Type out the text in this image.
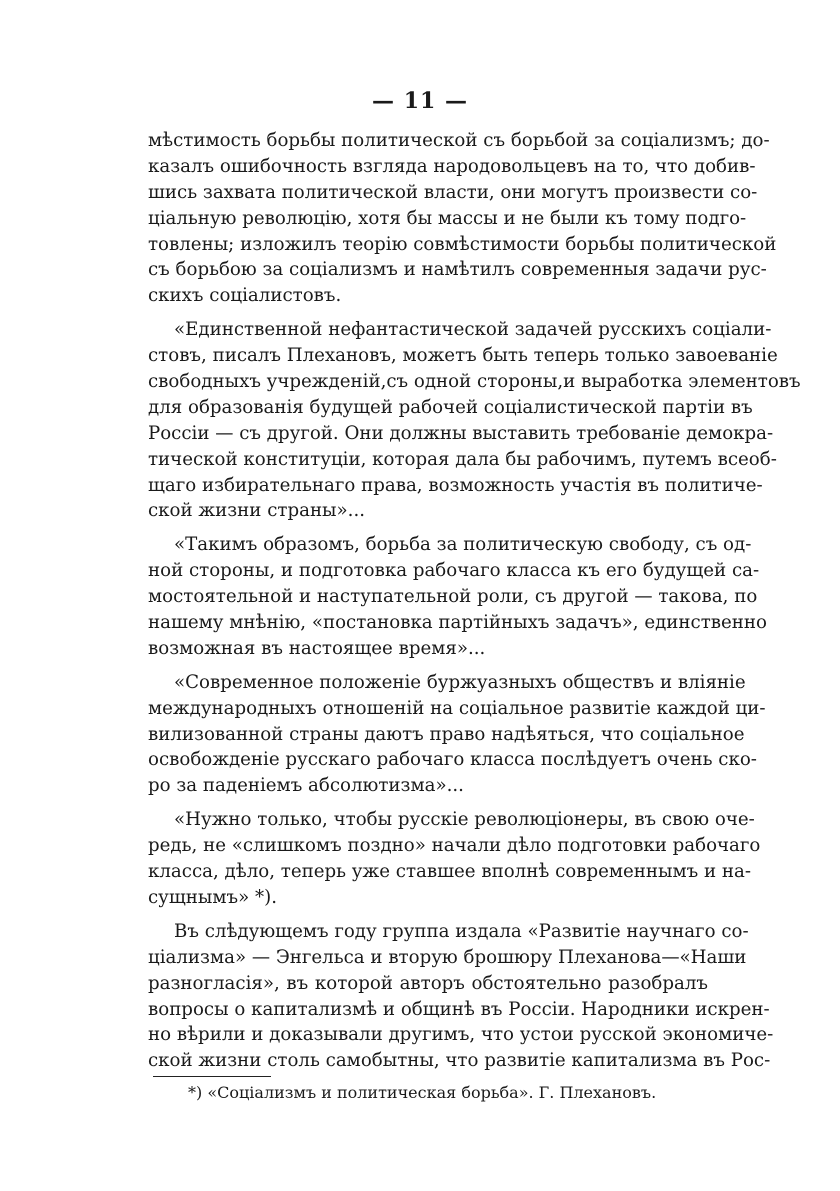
— 11 —
мѣстимость борьбы политической съ борьбой за соціализмъ; до-
казалъ ошибочность взгляда народовольцевъ на то, что добив-
шись захвата политической власти, они могутъ произвести со-
ціальную революцію, хотя бы массы и не были къ тому подго-
товлены; изложилъ теорію совмѣстимости борьбы политической
съ борьбою за соціализмъ и намѣтилъ современныя задачи рус-
скихъ соціалистовъ.
«Единственной нефантастической задачей русскихъ соціали-
стовъ, писалъ Плехановъ, можетъ быть теперь только завоеваніе
свободныхъ учрежденій,съ одной стороны,и выработка элементовъ
для образованія будущей рабочей соціалистической партіи въ
Россіи — съ другой. Они должны выставить требованіе демокра-
тической конституціи, которая дала бы рабочимъ, путемъ всеоб-
щаго избирательнаго права, возможность участія въ политиче-
ской жизни страны»...
«Такимъ образомъ, борьба за политическую свободу, съ од-
ной стороны, и подготовка рабочаго класса къ его будущей са-
мостоятельной и наступательной роли, съ другой — такова, по
нашему мнѣнію, «постановка партійныхъ задачъ», единственно
возможная въ настоящее время»...
«Современное положеніе буржуазныхъ обществъ и вліяніе
международныхъ отношеній на соціальное развитіе каждой ци-
вилизованной страны даютъ право надѣяться, что соціальное
освобожденіе русскаго рабочаго класса послѣдуетъ очень ско-
ро за паденіемъ абсолютизма»...
«Нужно только, чтобы русскіе революціонеры, въ свою оче-
редь, не «слишкомъ поздно» начали дѣло подготовки рабочаго
класса, дѣло, теперь уже ставшее вполнѣ современнымъ и на-
сущнымъ» *).
Въ слѣдующемъ году группа издала «Развитіе научнаго со-
ціализма» — Энгельса и вторую брошюру Плеханова—«Наши
разногласія», въ которой авторъ обстоятельно разобралъ
вопросы о капитализмѣ и общинѣ въ Россіи. Народники искрен-
но вѣрили и доказывали другимъ, что устои русской экономиче-
ской жизни столь самобытны, что развитіе капитализма въ Рос-
*) «Соціализмъ и политическая борьба». Г. Плехановъ.
